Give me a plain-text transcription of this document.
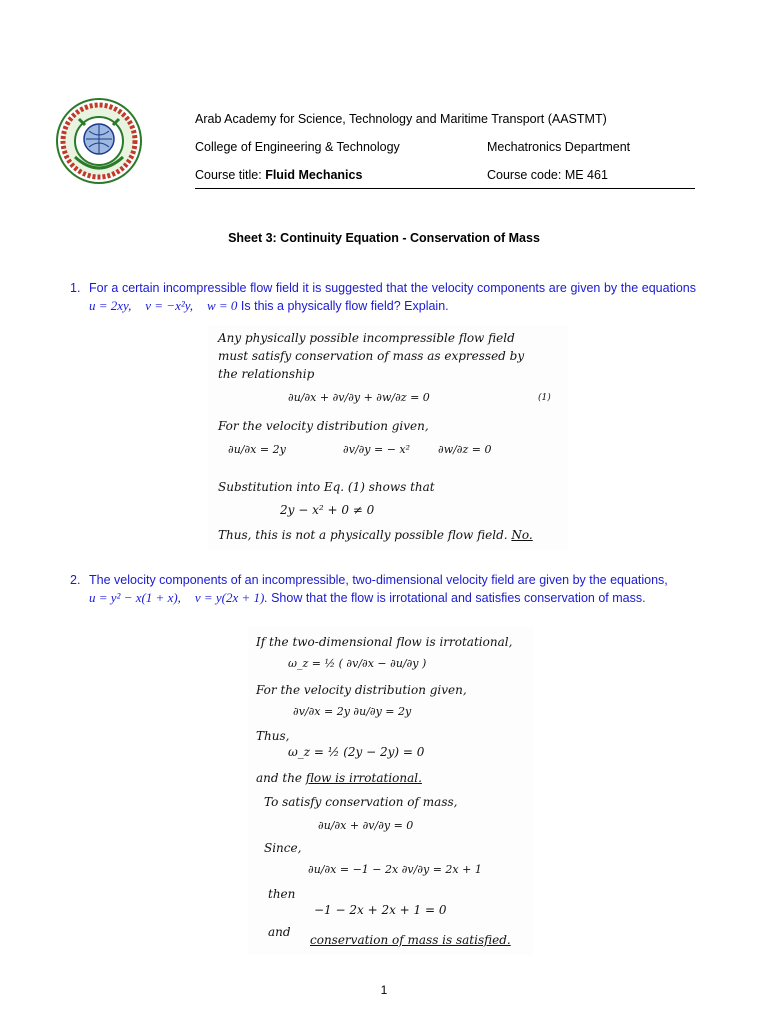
Arab Academy for Science, Technology and Maritime Transport (AASTMT)
College of Engineering & Technology	Mechatronics Department
Course title: Fluid Mechanics	Course code: ME 461
Sheet 3: Continuity Equation - Conservation of Mass
1. For a certain incompressible flow field it is suggested that the velocity components are given by the equations u = 2xy, v = −x²y, w = 0 Is this a physically flow field? Explain.
Any physically possible incompressible flow field
must satisfy conservation of mass as expressed by
the relationship
∂u/∂x + ∂v/∂y + ∂w/∂z = 0	(1)
For the velocity distribution given,
∂u/∂x = 2y	∂v/∂y = − x²	∂w/∂z = 0
Substitution into Eq. (1) shows that
2y − x² + 0 ≠ 0
Thus, this is not a physically possible flow field. No.
2. The velocity components of an incompressible, two-dimensional velocity field are given by the equations,
u = y² − x(1 + x), v = y(2x + 1). Show that the flow is irrotational and satisfies conservation of mass.
If the two-dimensional flow is irrotational,
ω_z = ½ ( ∂v/∂x − ∂u/∂y )
For the velocity distribution given,
∂v/∂x = 2y ∂u/∂y = 2y
Thus,
ω_z = ½ (2y − 2y) = 0
and the flow is irrotational.
To satisfy conservation of mass,
∂u/∂x + ∂v/∂y = 0
Since,
∂u/∂x = −1 − 2x ∂v/∂y = 2x + 1
then
−1 − 2x + 2x + 1 = 0
and
conservation of mass is satisfied.
1
